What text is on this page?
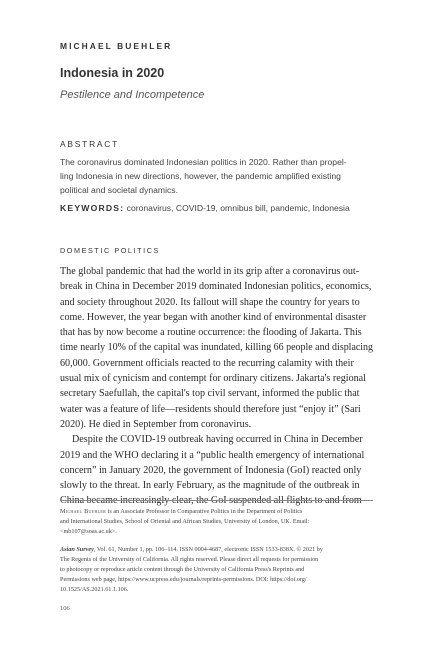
MICHAEL BUEHLER
Indonesia in 2020
Pestilence and Incompetence
ABSTRACT
The coronavirus dominated Indonesian politics in 2020. Rather than propel-
ling Indonesia in new directions, however, the pandemic amplified existing
political and societal dynamics.
KEYWORDS: coronavirus, COVID-19, omnibus bill, pandemic, Indonesia
DOMESTIC POLITICS
The global pandemic that had the world in its grip after a coronavirus out-
break in China in December 2019 dominated Indonesian politics, economics,
and society throughout 2020. Its fallout will shape the country for years to
come. However, the year began with another kind of environmental disaster
that has by now become a routine occurrence: the flooding of Jakarta. This
time nearly 10% of the capital was inundated, killing 66 people and displacing
60,000. Government officials reacted to the recurring calamity with their
usual mix of cynicism and contempt for ordinary citizens. Jakarta's regional
secretary Saefullah, the capital's top civil servant, informed the public that
water was a feature of life—residents should therefore just “enjoy it” (Sari
2020). He died in September from coronavirus.
Despite the COVID-19 outbreak having occurred in China in December
2019 and the WHO declaring it a “public health emergency of international
concern” in January 2020, the government of Indonesia (GoI) reacted only
slowly to the threat. In early February, as the magnitude of the outbreak in
China became increasingly clear, the GoI suspended all flights to and from
Michael Buehler is an Associate Professor in Comparative Politics in the Department of Politics
and International Studies, School of Oriental and African Studies, University of London, UK. Email:
<mb107@soas.ac.uk>.
Asian Survey, Vol. 61, Number 1, pp. 106–114. ISSN 0004-4687, electronic ISSN 1533-838X. © 2021 by
The Regents of the University of California. All rights reserved. Please direct all requests for permission
to photocopy or reproduce article content through the University of California Press's Reprints and
Permissions web page, https://www.ucpress.edu/journals/reprints-permissions. DOI: https://doi.org/
10.1525/AS.2021.61.1.106.
106
